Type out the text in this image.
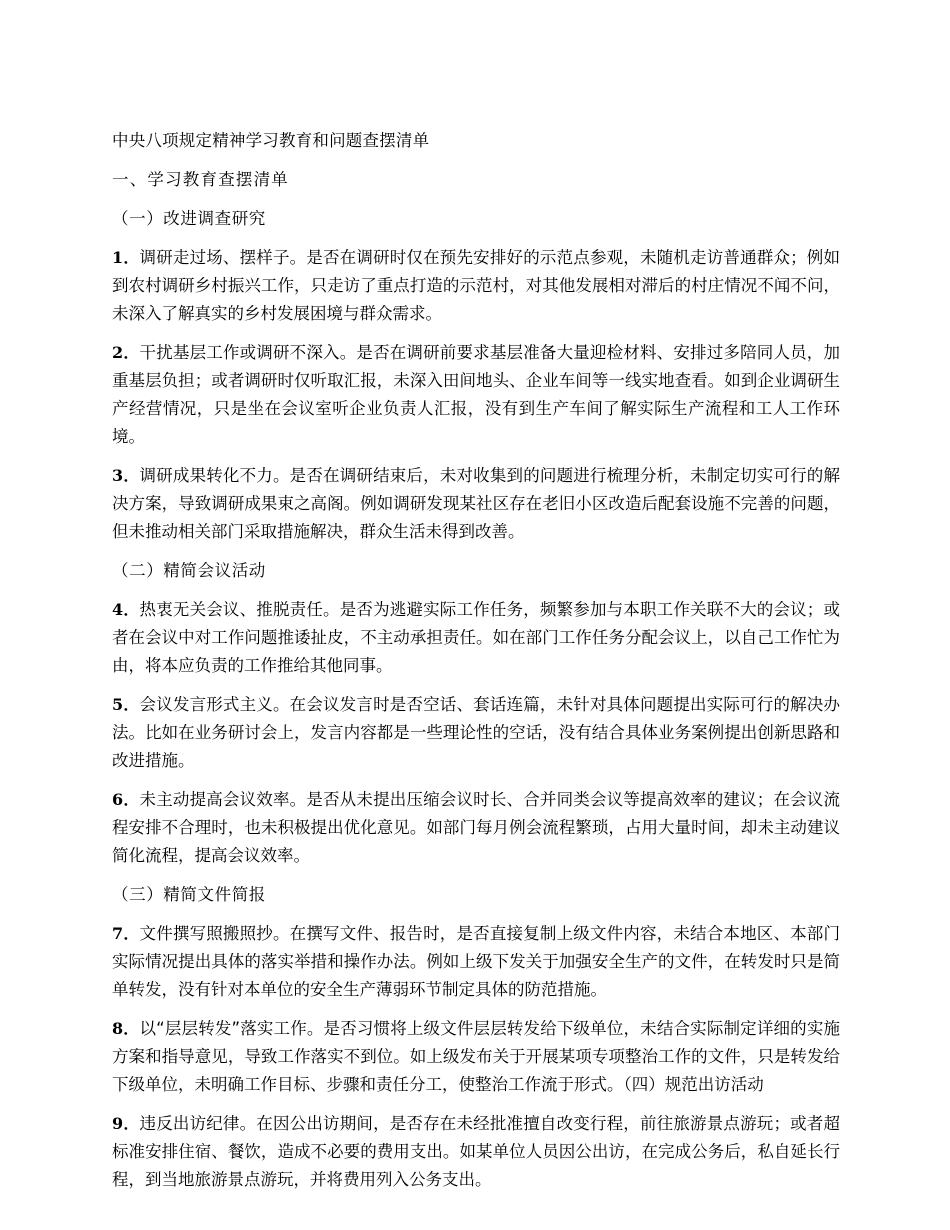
中央八项规定精神学习教育和问题查摆清单

一、学习教育查摆清单

（一）改进调查研究

1．调研走过场、摆样子。是否在调研时仅在预先安排好的示范点参观，未随机走访普通群众；例如到农村调研乡村振兴工作，只走访了重点打造的示范村，对其他发展相对滞后的村庄情况不闻不问，未深入了解真实的乡村发展困境与群众需求。

2．干扰基层工作或调研不深入。是否在调研前要求基层准备大量迎检材料、安排过多陪同人员，加重基层负担；或者调研时仅听取汇报，未深入田间地头、企业车间等一线实地查看。如到企业调研生产经营情况，只是坐在会议室听企业负责人汇报，没有到生产车间了解实际生产流程和工人工作环境。

3．调研成果转化不力。是否在调研结束后，未对收集到的问题进行梳理分析，未制定切实可行的解决方案，导致调研成果束之高阁。例如调研发现某社区存在老旧小区改造后配套设施不完善的问题，但未推动相关部门采取措施解决，群众生活未得到改善。

（二）精简会议活动

4．热衷无关会议、推脱责任。是否为逃避实际工作任务，频繁参加与本职工作关联不大的会议；或者在会议中对工作问题推诿扯皮，不主动承担责任。如在部门工作任务分配会议上，以自己工作忙为由，将本应负责的工作推给其他同事。

5．会议发言形式主义。在会议发言时是否空话、套话连篇，未针对具体问题提出实际可行的解决办法。比如在业务研讨会上，发言内容都是一些理论性的空话，没有结合具体业务案例提出创新思路和改进措施。

6．未主动提高会议效率。是否从未提出压缩会议时长、合并同类会议等提高效率的建议；在会议流程安排不合理时，也未积极提出优化意见。如部门每月例会流程繁琐，占用大量时间，却未主动建议简化流程，提高会议效率。

（三）精简文件简报

7．文件撰写照搬照抄。在撰写文件、报告时，是否直接复制上级文件内容，未结合本地区、本部门实际情况提出具体的落实举措和操作办法。例如上级下发关于加强安全生产的文件，在转发时只是简单转发，没有针对本单位的安全生产薄弱环节制定具体的防范措施。

8．以“层层转发”落实工作。是否习惯将上级文件层层转发给下级单位，未结合实际制定详细的实施方案和指导意见，导致工作落实不到位。如上级发布关于开展某项专项整治工作的文件，只是转发给下级单位，未明确工作目标、步骤和责任分工，使整治工作流于形式。（四）规范出访活动

9．违反出访纪律。在因公出访期间，是否存在未经批准擅自改变行程，前往旅游景点游玩；或者超标准安排住宿、餐饮，造成不必要的费用支出。如某单位人员因公出访，在完成公务后，私自延长行程，到当地旅游景点游玩，并将费用列入公务支出。
